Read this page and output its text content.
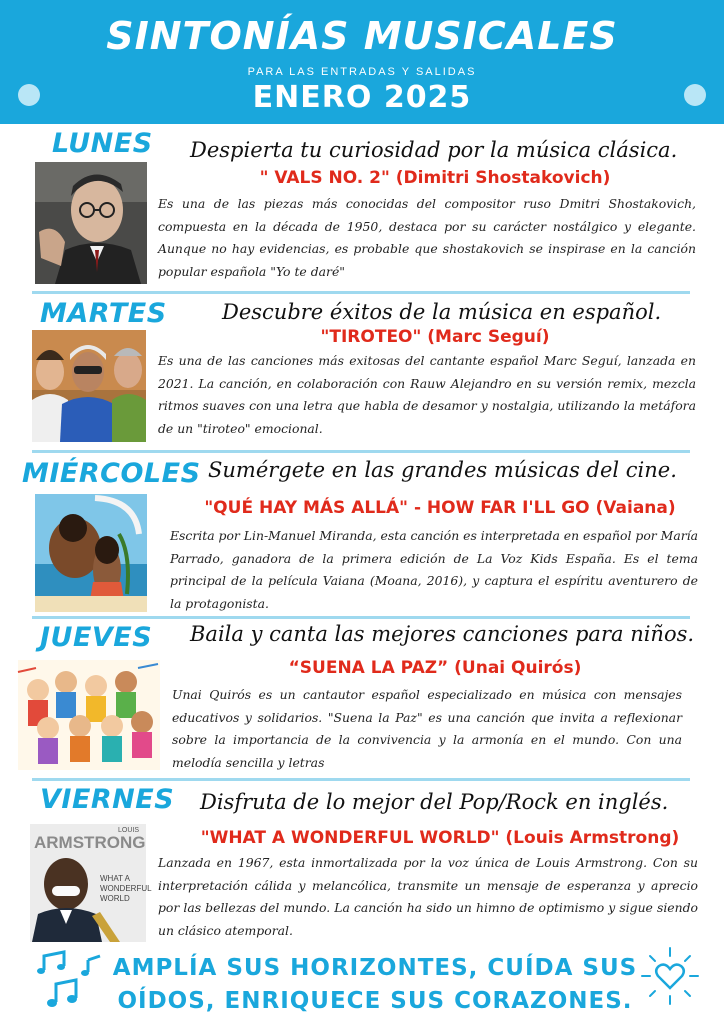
SINTONÍAS MUSICALES
PARA LAS ENTRADAS Y SALIDAS
ENERO 2025
LUNES Despierta tu curiosidad por la música clásica.
" VALS NO. 2" (Dimitri Shostakovich)
Es una de las piezas más conocidas del compositor ruso Dmitri Shostakovich, compuesta en la década de 1950, destaca por su carácter nostálgico y elegante. Aunque no hay evidencias, es probable que shostakovich se inspirase en la canción popular española "Yo te daré"
MARTES	Descubre éxitos de la música en español.
"TIROTEO" (Marc Seguí)
Es una de las canciones más exitosas del cantante español Marc Seguí, lanzada en 2021. La canción, en colaboración con Rauw Alejandro en su versión remix, mezcla ritmos suaves con una letra que habla de desamor y nostalgia, utilizando la metáfora de un "tiroteo" emocional.
MIÉRCOLES Sumérgete en las grandes músicas del cine.
"QUÉ HAY MÁS ALLÁ" - HOW FAR I'LL GO (Vaiana)
Escrita por Lin-Manuel Miranda, esta canción es interpretada en español por María Parrado, ganadora de la primera edición de La Voz Kids España. Es el tema principal de la película Vaiana (Moana, 2016), y captura el espíritu aventurero de la protagonista.
JUEVES Baila y canta las mejores canciones para niños.
“SUENA LA PAZ” (Unai Quirós)
Unai Quirós es un cantautor español especializado en música con mensajes educativos y solidarios. "Suena la Paz" es una canción que invita a reflexionar sobre la importancia de la convivencia y la armonía en el mundo. Con una melodía sencilla y letras
VIERNES Disfruta de lo mejor del Pop/Rock en inglés.
"WHAT A WONDERFUL WORLD" (Louis Armstrong)
LOUIS
ARMSTRONG
WHAT A
WONDERFUL
WORLD
Lanzada en 1967, esta inmortalizada por la voz única de Louis Armstrong. Con su interpretación cálida y melancólica, transmite un mensaje de esperanza y aprecio por las bellezas del mundo. La canción ha sido un himno de optimismo y sigue siendo un clásico atemporal.
AMPLÍA SUS HORIZONTES, CUÍDA SUS
OÍDOS, ENRIQUECE SUS CORAZONES.
